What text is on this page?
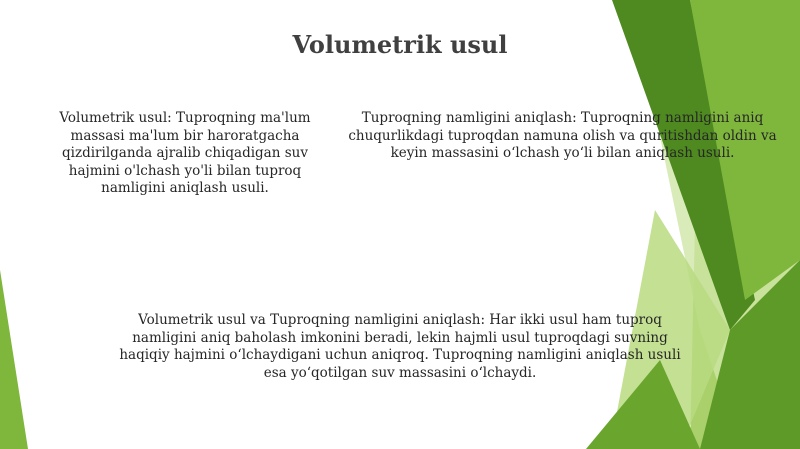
Volumetrik usul

Volumetrik usul: Tuproqning ma'lum massasi ma'lum bir haroratgacha qizdirilganda ajralib chiqadigan suv hajmini o'lchash yo'li bilan tuproq namligini aniqlash usuli.

Tuproqning namligini aniqlash: Tuproqning namligini aniq chuqurlikdagi tuproqdan namuna olish va quritishdan oldin va keyin massasini o‘lchash yo‘li bilan aniqlash usuli.

Volumetrik usul va Tuproqning namligini aniqlash: Har ikki usul ham tuproq namligini aniq baholash imkonini beradi, lekin hajmli usul tuproqdagi suvning haqiqiy hajmini o‘lchaydigani uchun aniqroq. Tuproqning namligini aniqlash usuli esa yo‘qotilgan suv massasini o‘lchaydi.
